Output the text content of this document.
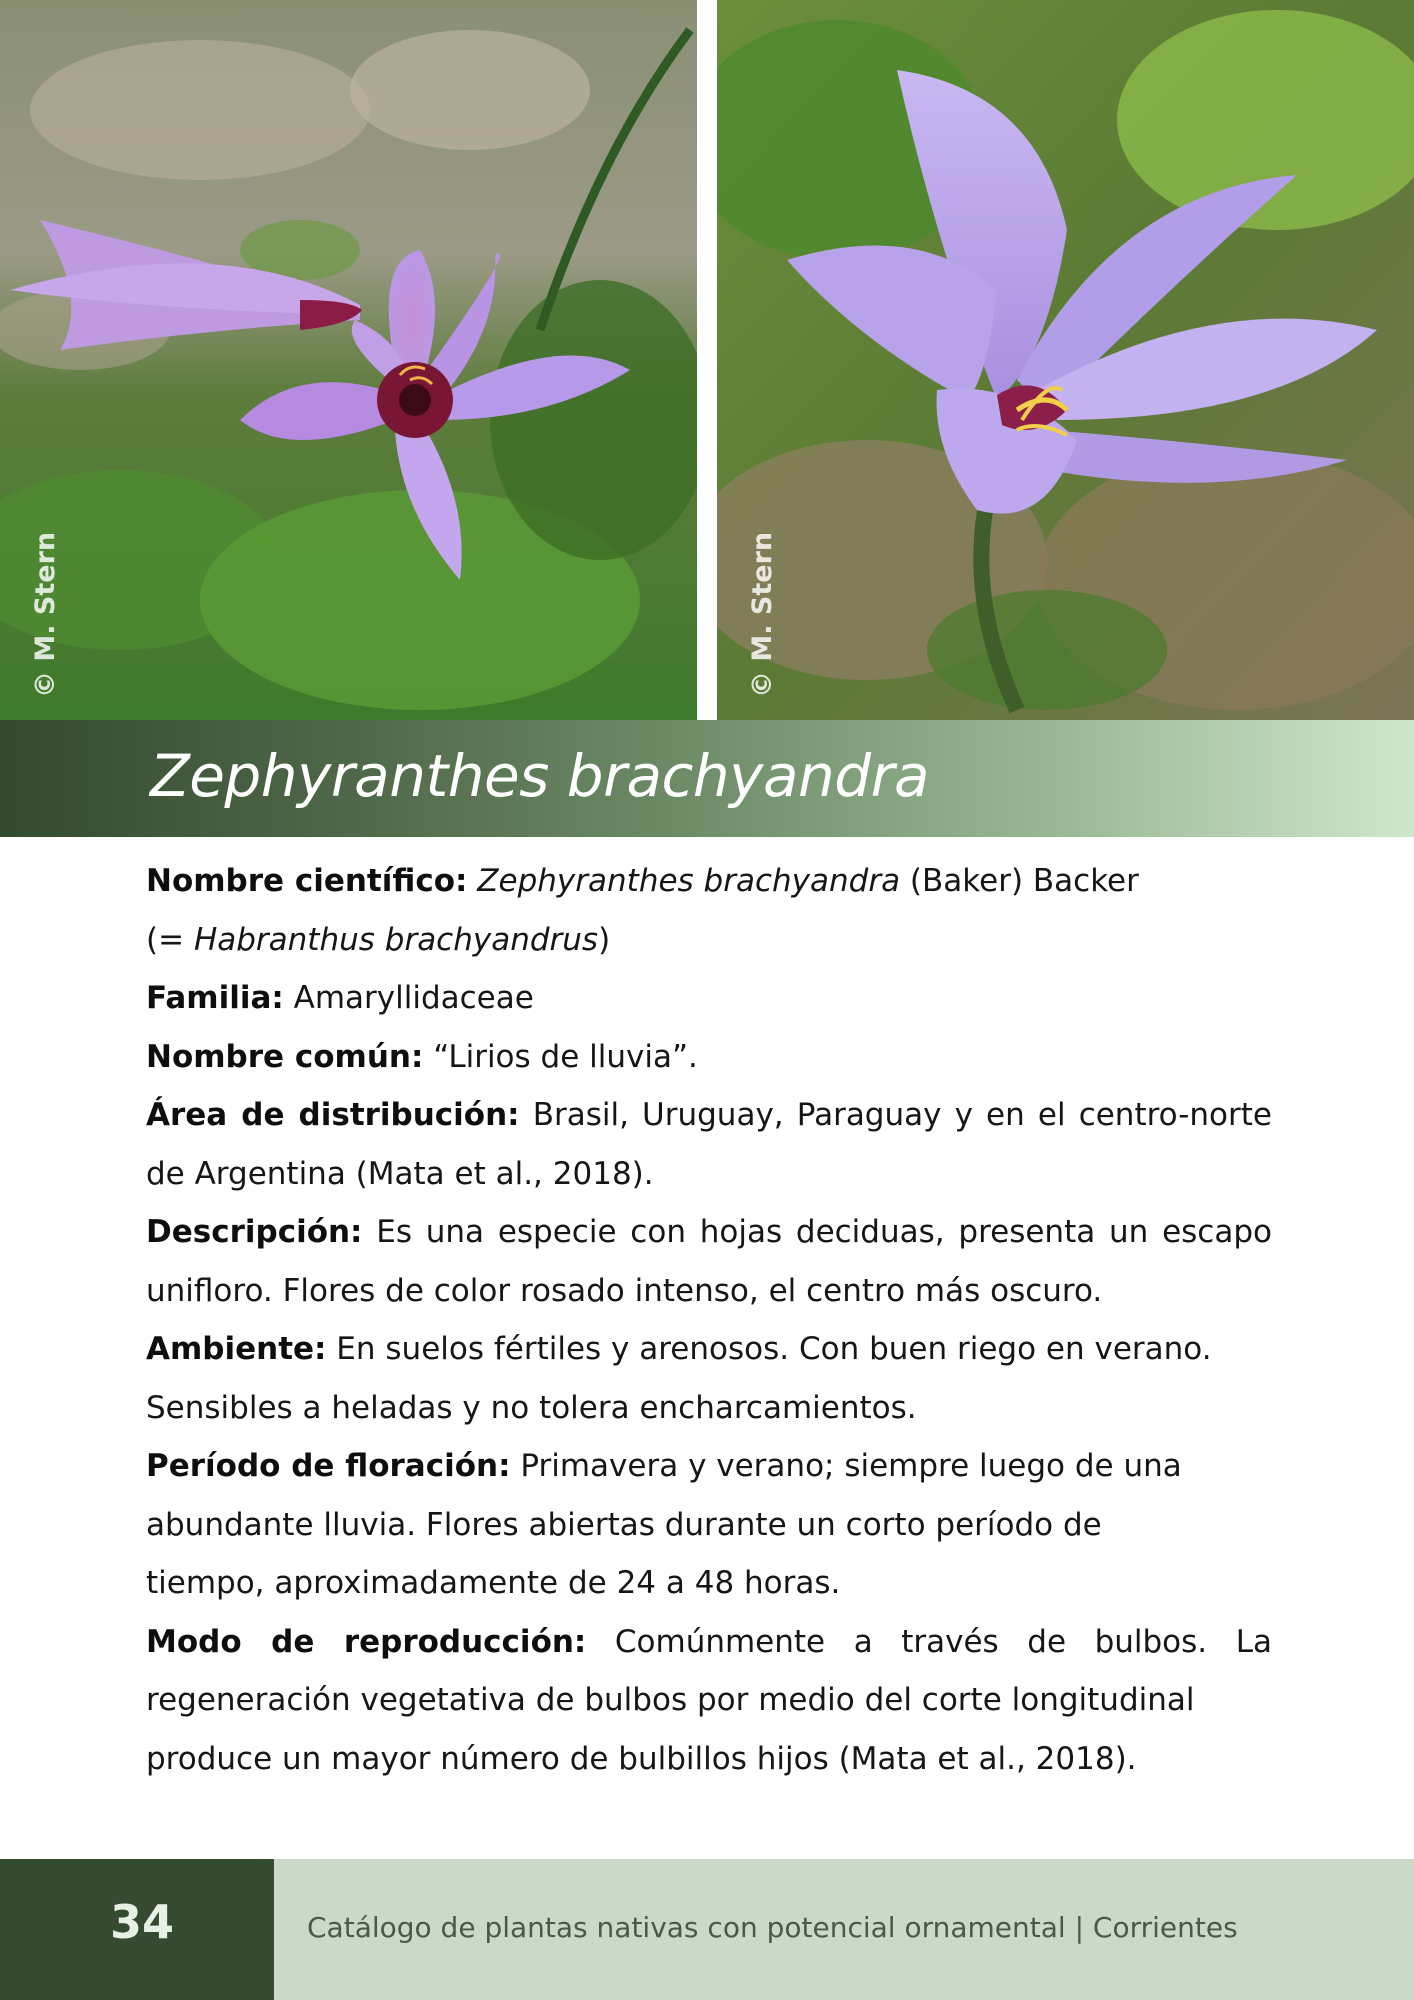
© M. Stern	© M. Stern
Zephyranthes brachyandra

Nombre científico: Zephyranthes brachyandra (Baker) Backer

(= Habranthus brachyandrus)

Familia: Amaryllidaceae

Nombre común: “Lirios de lluvia”.

Área de distribución: Brasil, Uruguay, Paraguay y en el centro-norte de Argentina (Mata et al., 2018).

Descripción: Es una especie con hojas deciduas, presenta un escapo unifloro. Flores de color rosado intenso, el centro más oscuro.

Ambiente: En suelos fértiles y arenosos. Con buen riego en verano.
Sensibles a heladas y no tolera encharcamientos.

Período de floración: Primavera y verano; siempre luego de una
abundante lluvia. Flores abiertas durante un corto período de
tiempo, aproximadamente de 24 a 48 horas.

Modo de reproducción: Comúnmente a través de bulbos. La
regeneración vegetativa de bulbos por medio del corte longitudinal
produce un mayor número de bulbillos hijos (Mata et al., 2018).

34	Catálogo de plantas nativas con potencial ornamental | Corrientes
